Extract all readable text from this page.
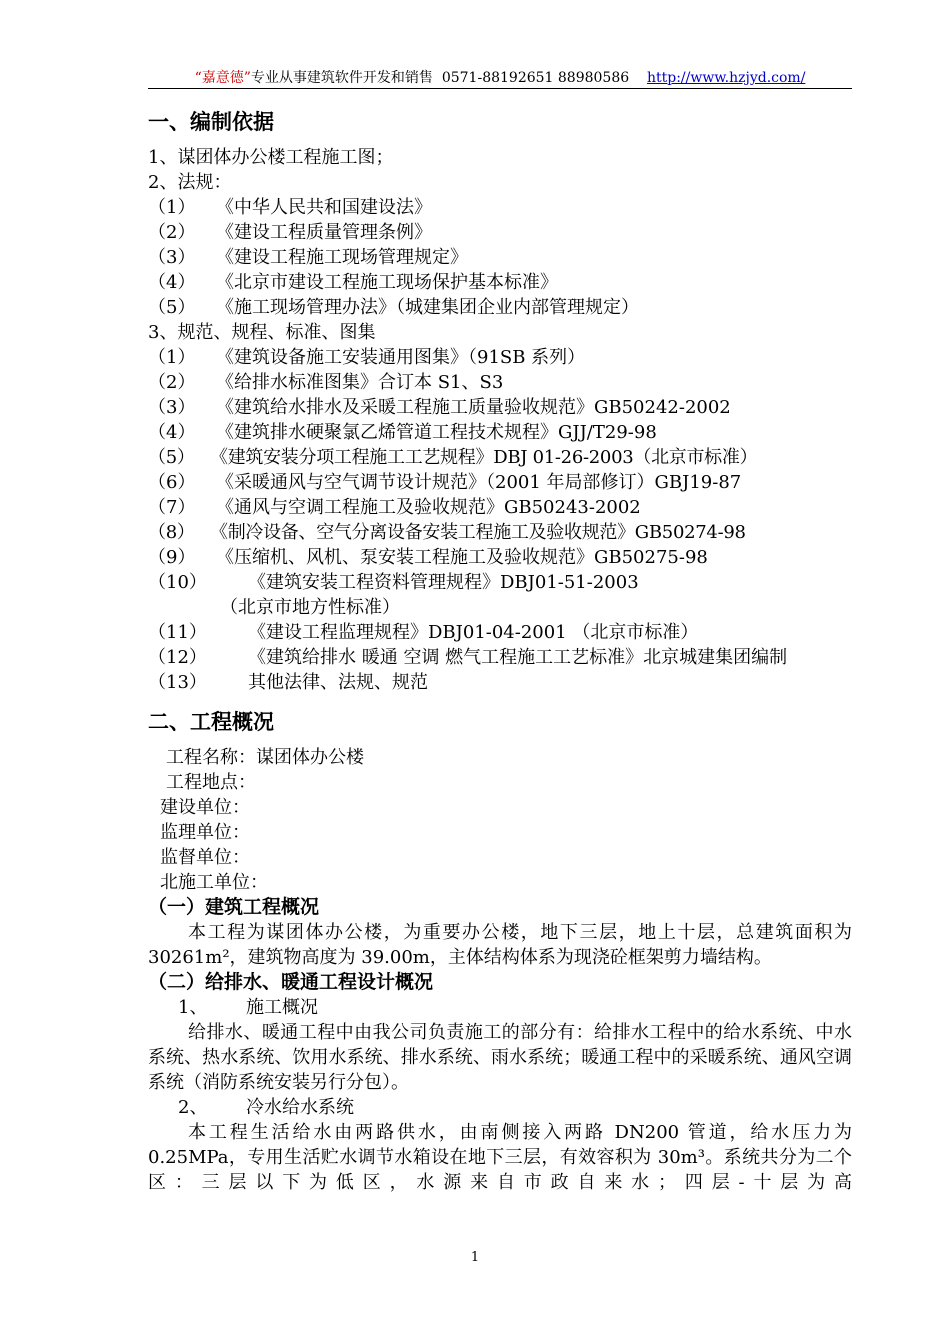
“嘉意德”专业从事建筑软件开发和销售 0571-88192651 88980586 http://www.hzjyd.com/
一、编制依据
1、谋团体办公楼工程施工图；
2、法规：
（1） 《中华人民共和国建设法》
（2） 《建设工程质量管理条例》
（3） 《建设工程施工现场管理规定》
（4） 《北京市建设工程施工现场保护基本标准》
（5） 《施工现场管理办法》（城建集团企业内部管理规定）
3、规范、规程、标准、图集
（1） 《建筑设备施工安装通用图集》（91SB 系列）
（2） 《给排水标准图集》合订本 S1、S3
（3） 《建筑给水排水及采暖工程施工质量验收规范》GB50242-2002
（4） 《建筑排水硬聚氯乙烯管道工程技术规程》GJJ/T29-98
（5） 《建筑安装分项工程施工工艺规程》DBJ 01-26-2003（北京市标准）
（6） 《采暖通风与空气调节设计规范》（2001 年局部修订）GBJ19-87
（7） 《通风与空调工程施工及验收规范》GB50243-2002
（8） 《制冷设备、空气分离设备安装工程施工及验收规范》GB50274-98
（9） 《压缩机、风机、泵安装工程施工及验收规范》GB50275-98
（10） 《建筑安装工程资料管理规程》DBJ01-51-2003
（北京市地方性标准）
（11） 《建设工程监理规程》DBJ01-04-2001 （北京市标准）
（12） 《建筑给排水 暖通 空调 燃气工程施工工艺标准》北京城建集团编制
（13） 其他法律、法规、规范
二、工程概况
工程名称：谋团体办公楼
工程地点：
建设单位：
监理单位：
监督单位：
北施工单位：
（一）建筑工程概况
本工程为谋团体办公楼，为重要办公楼，地下三层，地上十层，总建筑面积为 30261m²，建筑物高度为 39.00m，主体结构体系为现浇砼框架剪力墙结构。
（二）给排水、暖通工程设计概况
1、 施工概况
给排水、暖通工程中由我公司负责施工的部分有：给排水工程中的给水系统、中水系统、热水系统、饮用水系统、排水系统、雨水系统；暖通工程中的采暖系统、通风空调系统（消防系统安装另行分包）。
2、 冷水给水系统
本工程生活给水由两路供水，由南侧接入两路 DN200 管道，给水压力为 0.25MPa，专用生活贮水调节水箱设在地下三层，有效容积为 30m³。系统共分为二个区：三层以下为低区，水源来自市政自来水；四层-十层为高
1
